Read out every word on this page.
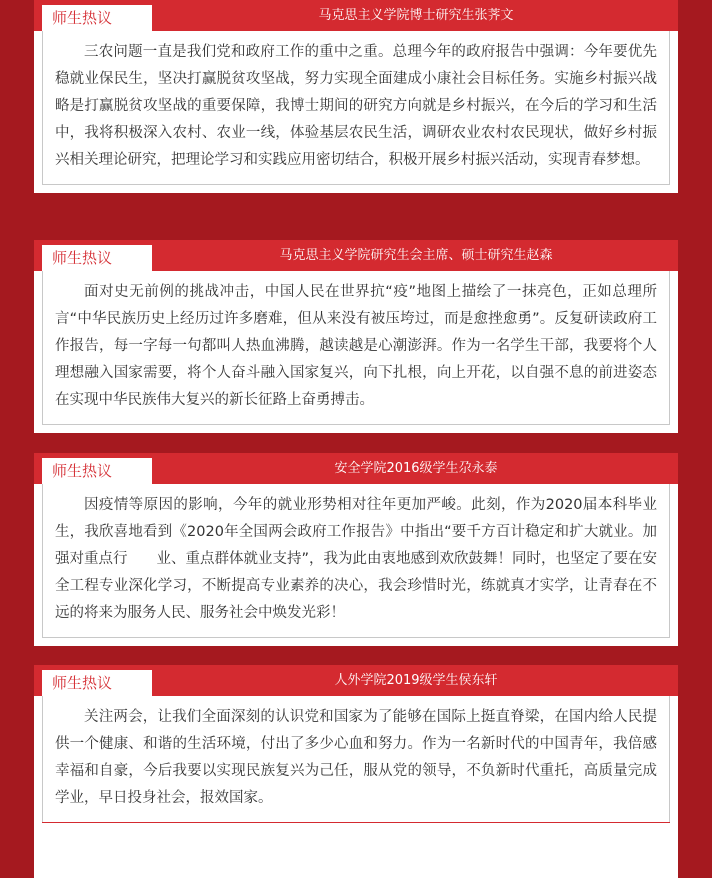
师生热议	马克思主义学院博士研究生张荠文
三农问题一直是我们党和政府工作的重中之重。总理今年的政府报告中强调：今年要优先稳就业保民生，坚决打赢脱贫攻坚战，努力实现全面建成小康社会目标任务。实施乡村振兴战略是打赢脱贫攻坚战的重要保障，我博士期间的研究方向就是乡村振兴，在今后的学习和生活中，我将积极深入农村、农业一线，体验基层农民生活，调研农业农村农民现状，做好乡村振兴相关理论研究，把理论学习和实践应用密切结合，积极开展乡村振兴活动，实现青春梦想。
师生热议	马克思主义学院研究生会主席、硕士研究生赵森
面对史无前例的挑战冲击，中国人民在世界抗“疫”地图上描绘了一抹亮色，正如总理所言“中华民族历史上经历过许多磨难，但从来没有被压垮过，而是愈挫愈勇”。反复研读政府工作报告，每一字每一句都叫人热血沸腾，越读越是心潮澎湃。作为一名学生干部，我要将个人理想融入国家需要，将个人奋斗融入国家复兴，向下扎根，向上开花，以自强不息的前进姿态在实现中华民族伟大复兴的新长征路上奋勇搏击。
师生热议	安全学院2016级学生尕永泰
因疫情等原因的影响，今年的就业形势相对往年更加严峻。此刻，作为2020届本科毕业生，我欣喜地看到《2020年全国两会政府工作报告》中指出“要千方百计稳定和扩大就业。加强对重点行　　业、重点群体就业支持”，我为此由衷地感到欢欣鼓舞！同时，也坚定了要在安全工程专业深化学习，不断提高专业素养的决心，我会珍惜时光，练就真才实学，让青春在不远的将来为服务人民、服务社会中焕发光彩！
师生热议	人外学院2019级学生侯东轩
关注两会，让我们全面深刻的认识党和国家为了能够在国际上挺直脊梁，在国内给人民提供一个健康、和谐的生活环境，付出了多少心血和努力。作为一名新时代的中国青年，我倍感幸福和自豪，今后我要以实现民族复兴为己任，服从党的领导，不负新时代重托，高质量完成学业，早日投身社会，报效国家。
